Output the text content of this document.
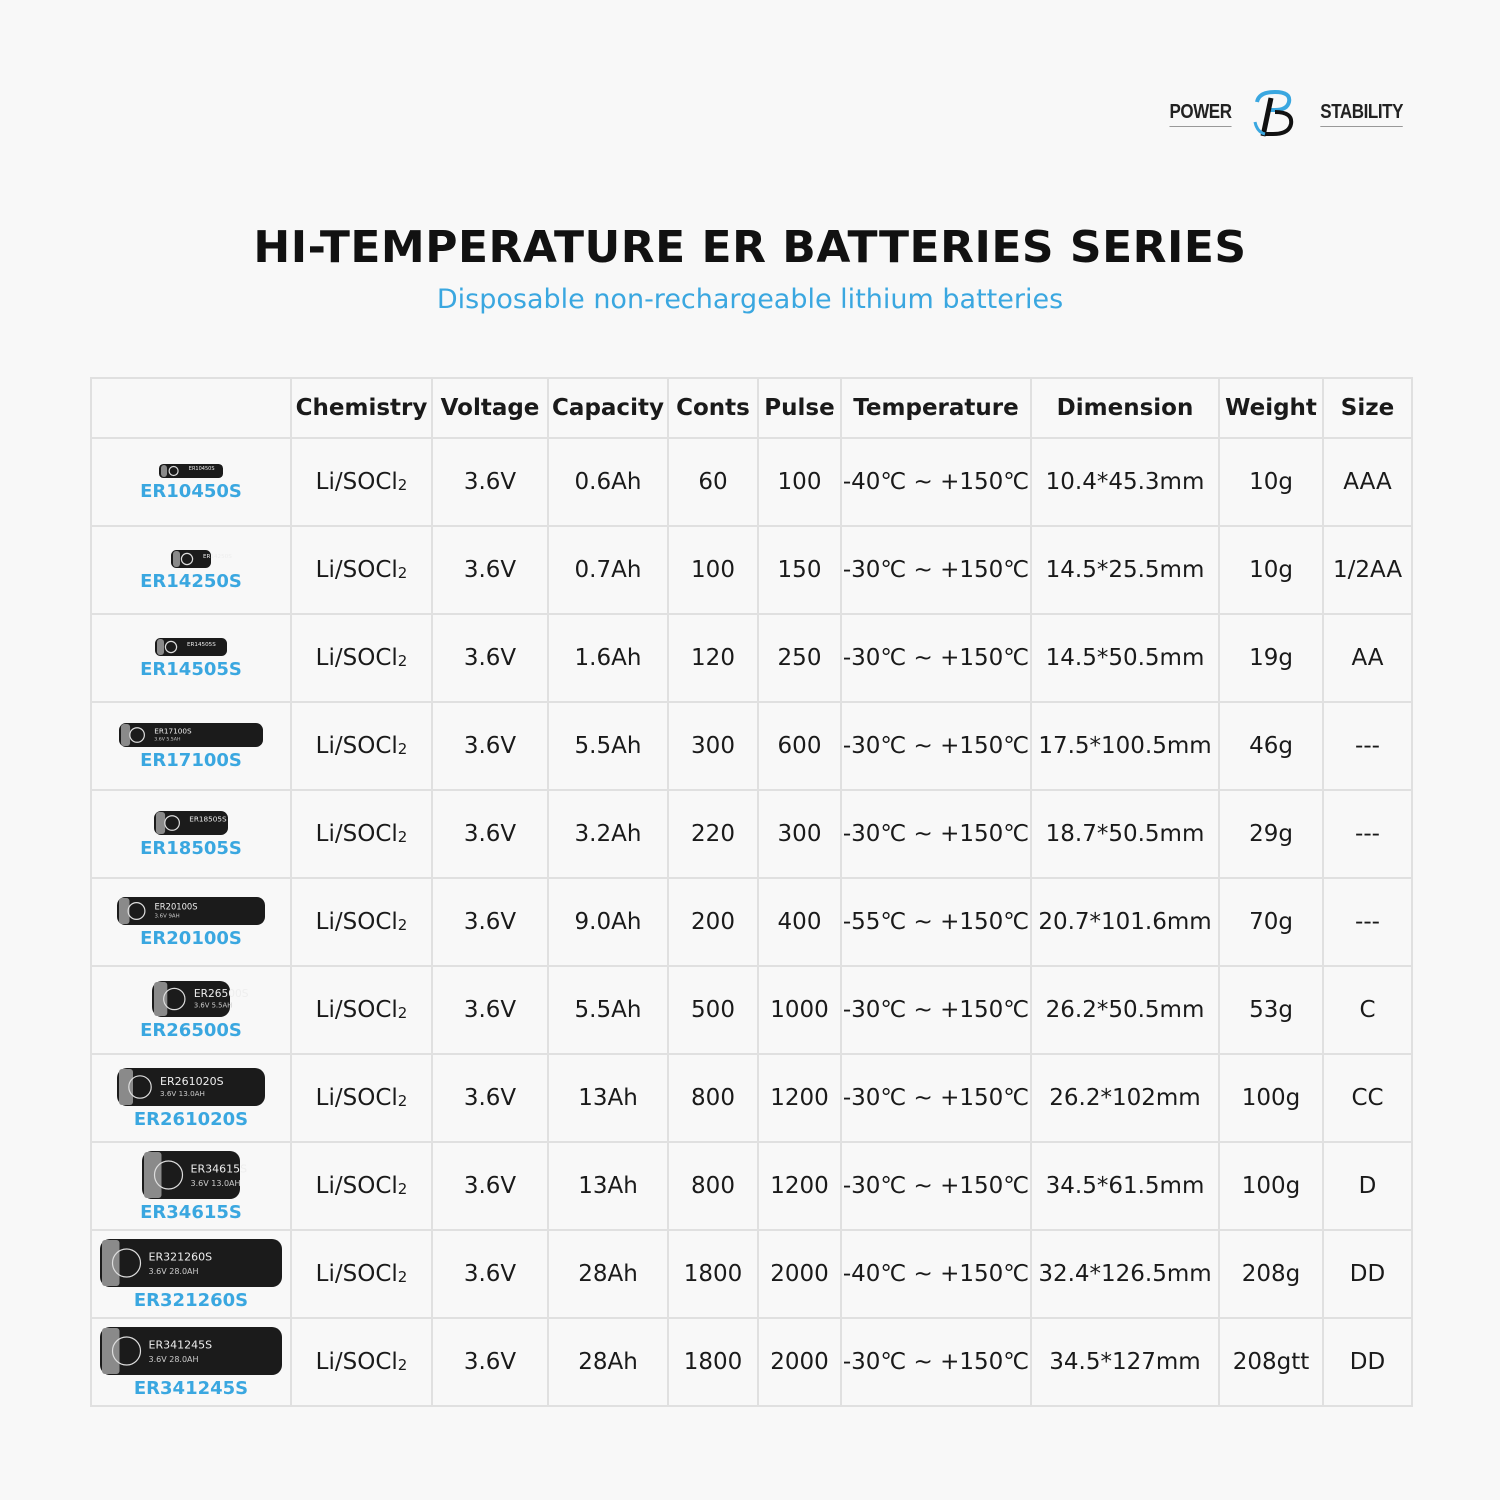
POWER	STABILITY
HI-TEMPERATURE ER BATTERIES SERIES
Disposable non-rechargeable lithium batteries
	Chemistry	Voltage	Capacity	Conts	Pulse	Temperature	Dimension	Weight	Size

ER10450S
ER10450S	Li/SOCl2	3.6V	0.6Ah	60	100	-40℃ ~ +150℃	10.4*45.3mm	10g	AAA

ER14250S
ER14250S	Li/SOCl2	3.6V	0.7Ah	100	150	-30℃ ~ +150℃	14.5*25.5mm	10g	1/2AA

ER14505S
ER14505S	Li/SOCl2	3.6V	1.6Ah	120	250	-30℃ ~ +150℃	14.5*50.5mm	19g	AA

ER17100S
3.6V 5.5AH
ER17100S	Li/SOCl2	3.6V	5.5Ah	300	600	-30℃ ~ +150℃	17.5*100.5mm	46g	---

ER18505S
ER18505S	Li/SOCl2	3.6V	3.2Ah	220	300	-30℃ ~ +150℃	18.7*50.5mm	29g	---

ER20100S
3.6V 9AH
ER20100S	Li/SOCl2	3.6V	9.0Ah	200	400	-55℃ ~ +150℃	20.7*101.6mm	70g	---

ER26500S
3.6V 5.5AH
ER26500S	Li/SOCl2	3.6V	5.5Ah	500	1000	-30℃ ~ +150℃	26.2*50.5mm	53g	C

ER261020S
3.6V 13.0AH
ER261020S	Li/SOCl2	3.6V	13Ah	800	1200	-30℃ ~ +150℃	26.2*102mm	100g	CC

ER34615S
3.6V 13.0AH
ER34615S	Li/SOCl2	3.6V	13Ah	800	1200	-30℃ ~ +150℃	34.5*61.5mm	100g	D

ER321260S
3.6V 28.0AH
ER321260S	Li/SOCl2	3.6V	28Ah	1800	2000	-40℃ ~ +150℃	32.4*126.5mm	208g	DD

ER341245S
3.6V 28.0AH
ER341245S	Li/SOCl2	3.6V	28Ah	1800	2000	-30℃ ~ +150℃	34.5*127mm	208gtt	DD
